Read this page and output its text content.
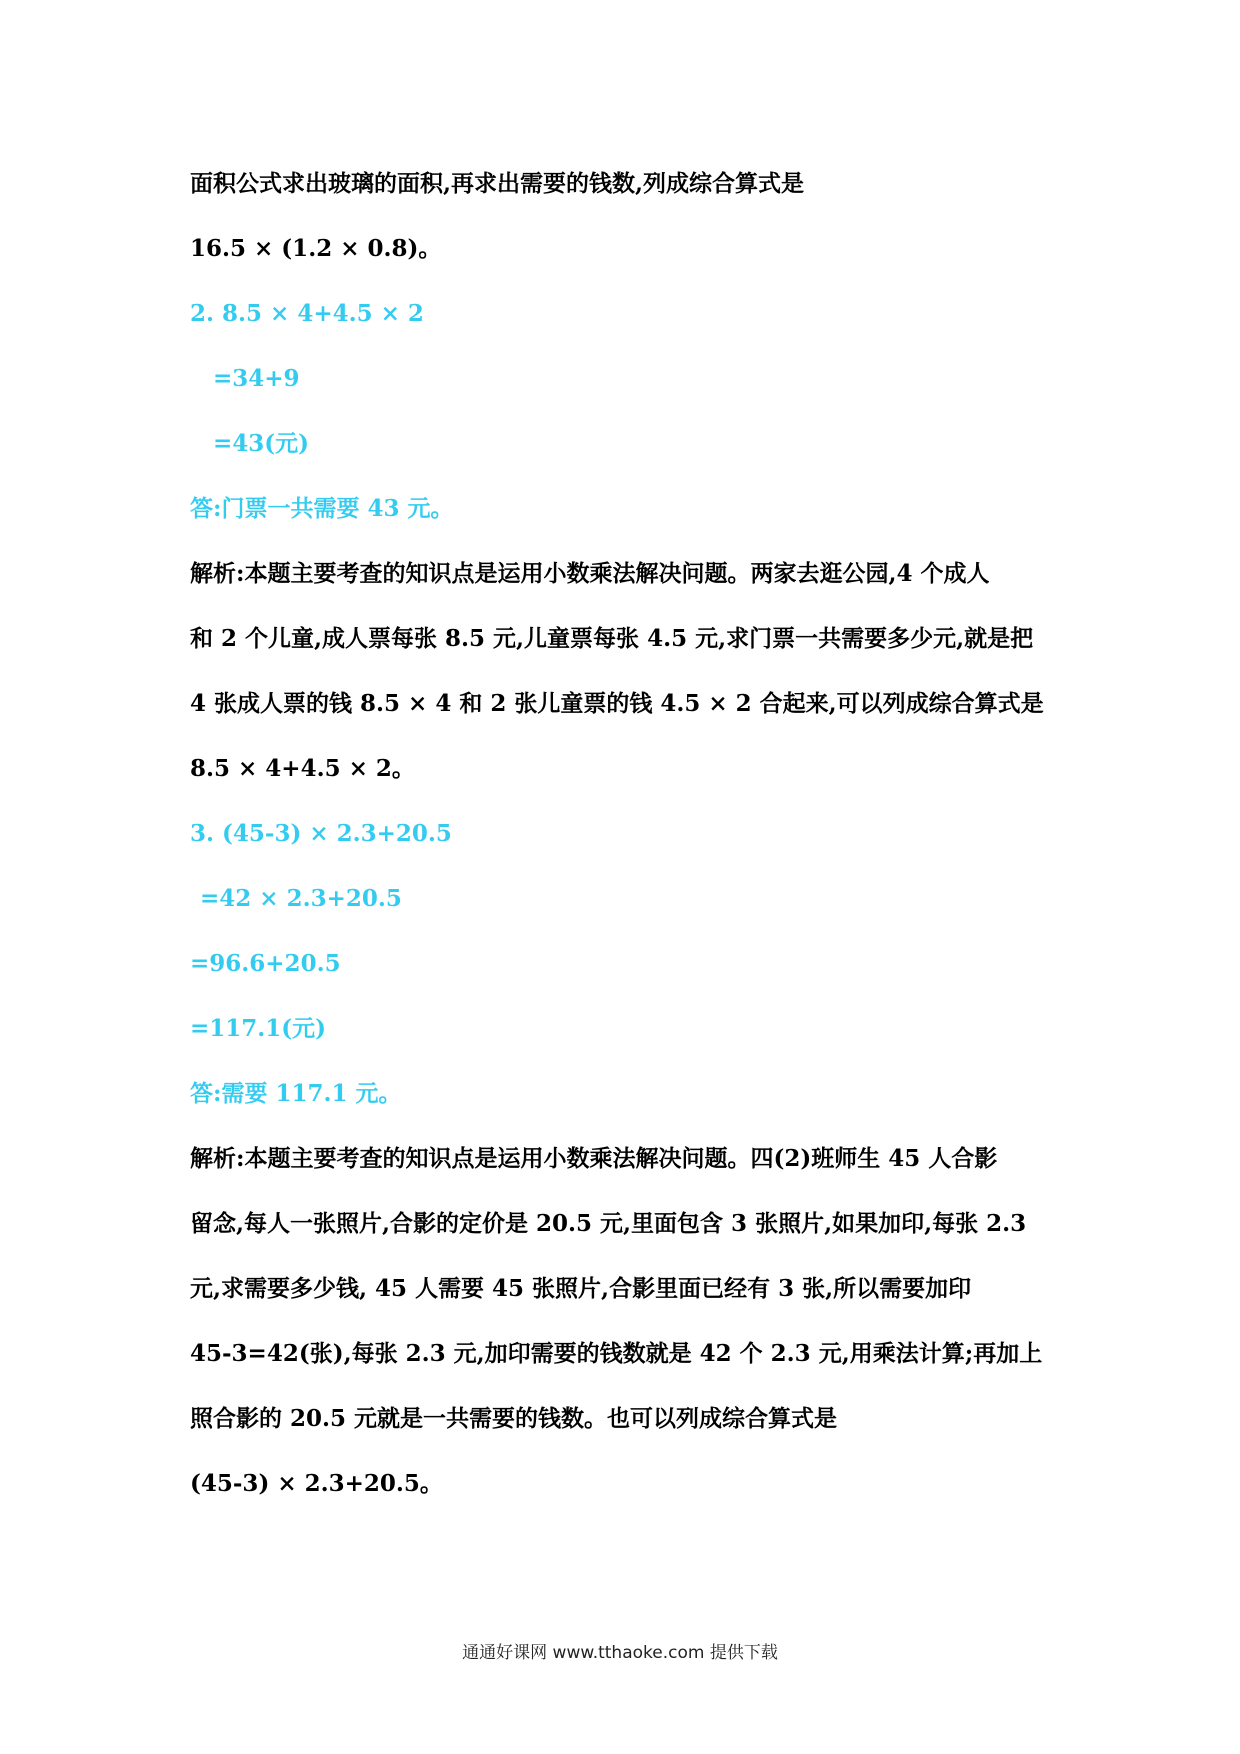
面积公式求出玻璃的面积,再求出需要的钱数,列成综合算式是
16.5 × (1.2 × 0.8)。
2. 8.5 × 4+4.5 × 2
=34+9
=43(元)
答:门票一共需要 43 元。
解析:本题主要考查的知识点是运用小数乘法解决问题。两家去逛公园,4 个成人
和 2 个儿童,成人票每张 8.5 元,儿童票每张 4.5 元,求门票一共需要多少元,就是把
4 张成人票的钱 8.5 × 4 和 2 张儿童票的钱 4.5 × 2 合起来,可以列成综合算式是
8.5 × 4+4.5 × 2。
3. (45-3) × 2.3+20.5
=42 × 2.3+20.5
=96.6+20.5
=117.1(元)
答:需要 117.1 元。
解析:本题主要考查的知识点是运用小数乘法解决问题。四(2)班师生 45 人合影
留念,每人一张照片,合影的定价是 20.5 元,里面包含 3 张照片,如果加印,每张 2.3
元,求需要多少钱, 45 人需要 45 张照片,合影里面已经有 3 张,所以需要加印
45-3=42(张),每张 2.3 元,加印需要的钱数就是 42 个 2.3 元,用乘法计算;再加上
照合影的 20.5 元就是一共需要的钱数。也可以列成综合算式是
(45-3) × 2.3+20.5。
通通好课网 www.tthaoke.com 提供下载
